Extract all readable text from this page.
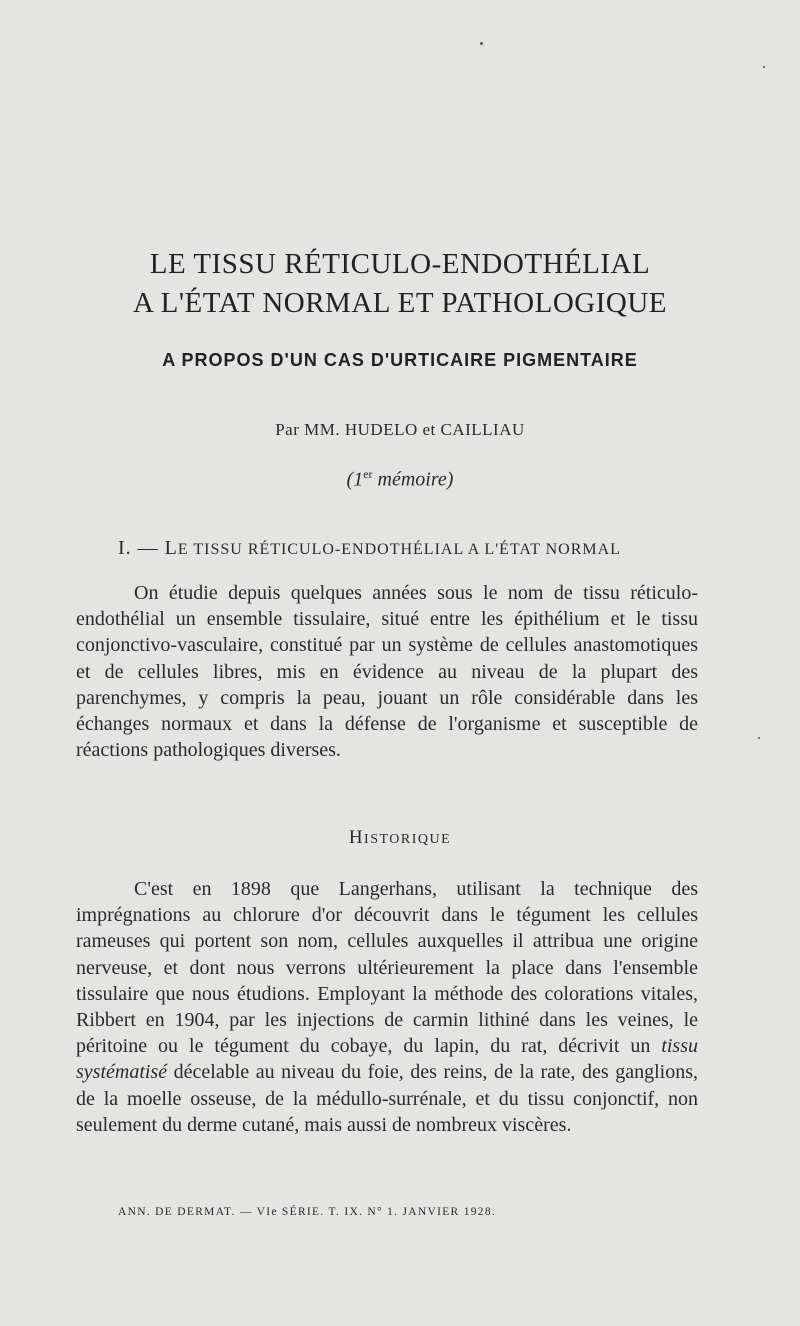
LE TISSU RÉTICULO-ENDOTHÉLIAL
A L'ÉTAT NORMAL ET PATHOLOGIQUE
A PROPOS D'UN CAS D'URTICAIRE PIGMENTAIRE
Par MM. HUDELO et CAILLIAU
(1er mémoire)
I. — LE TISSU RÉTICULO-ENDOTHÉLIAL A L'ÉTAT NORMAL

On étudie depuis quelques années sous le nom de tissu réticulo-endothélial un ensemble tissulaire, situé entre les épithélium et le tissu conjonctivo-vasculaire, constitué par un système de cellules anastomotiques et de cellules libres, mis en évidence au niveau de la plupart des parenchymes, y compris la peau, jouant un rôle considérable dans les échanges normaux et dans la défense de l'organisme et susceptible de réactions pathologiques diverses.

HISTORIQUE

C'est en 1898 que Langerhans, utilisant la technique des imprégnations au chlorure d'or découvrit dans le tégument les cellules rameuses qui portent son nom, cellules auxquelles il attribua une origine nerveuse, et dont nous verrons ultérieurement la place dans l'ensemble tissulaire que nous étudions. Employant la méthode des colorations vitales, Ribbert en 1904, par les injections de carmin lithiné dans les veines, le péritoine ou le tégument du cobaye, du lapin, du rat, décrivit un tissu systématisé décelable au niveau du foie, des reins, de la rate, des ganglions, de la moelle osseuse, de la médullo-surrénale, et du tissu conjonctif, non seulement du derme cutané, mais aussi de nombreux viscères.

ANN. DE DERMAT. — VIe SÉRIE. T. IX. N° 1. JANVIER 1928.
